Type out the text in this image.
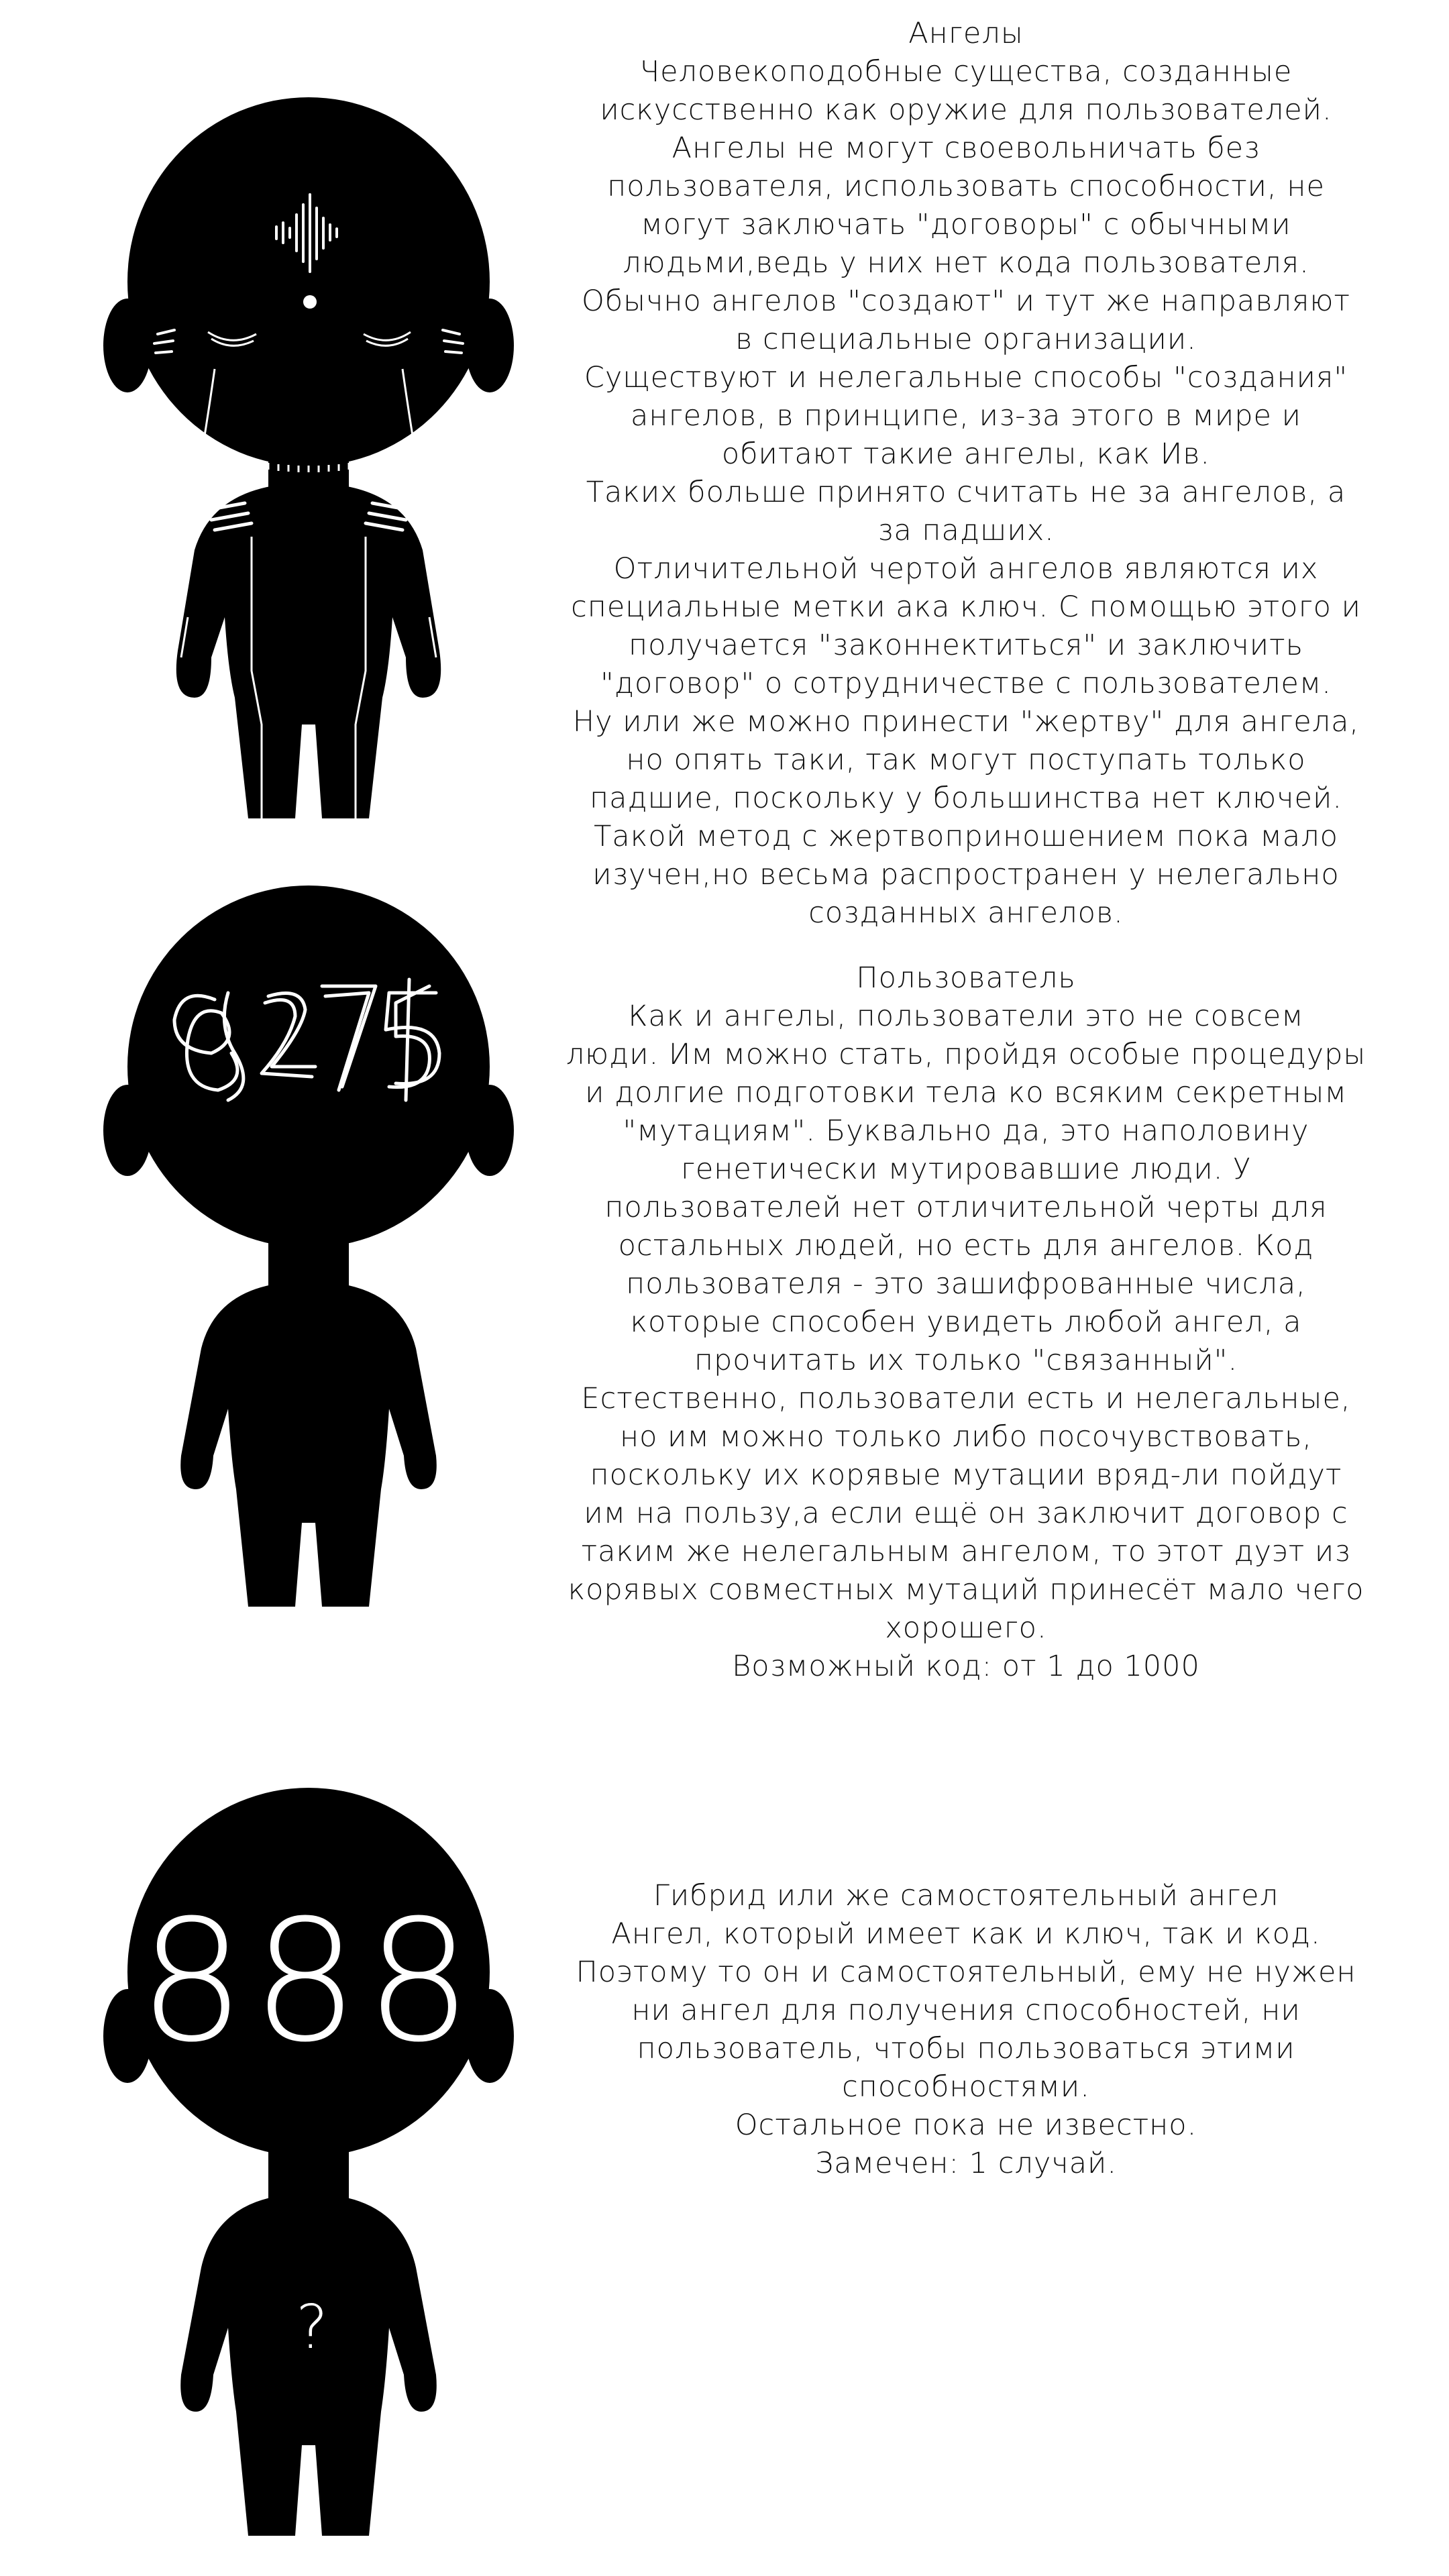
Ангелы

Человекоподобные существа, созданные

искусственно как оружие для пользователей.

Ангелы не могут своевольничать без

пользователя, использовать способности, не

могут заключать "договоры" с обычными

людьми,ведь у них нет кода пользователя.

Обычно ангелов "создают" и тут же направляют

в специальные организации.

Существуют и нелегальные способы "создания"

ангелов, в принципе, из-за этого в мире и

обитают такие ангелы, как Ив.

Таких больше принято считать не за ангелов, а

за падших.

Отличительной чертой ангелов являются их

специальные метки ака ключ. С помощью этого и

получается "законнектиться" и заключить

"договор" о сотрудничестве с пользователем.

Ну или же можно принести "жертву" для ангела,

но опять таки, так могут поступать только

падшие, поскольку у большинства нет ключей.

Такой метод с жертвоприношением пока мало

изучен,но весьма распространен у нелегально

созданных ангелов.

8275

Пользователь

Как и ангелы, пользователи это не совсем

люди. Им можно стать, пройдя особые процедуры

и долгие подготовки тела ко всяким секретным

"мутациям". Буквально да, это наполовину

генетически мутировавшие люди. У

пользователей нет отличительной черты для

остальных людей, но есть для ангелов. Код

пользователя - это зашифрованные числа,

которые способен увидеть любой ангел, а

прочитать их только "связанный".

Естественно, пользователи есть и нелегальные,

но им можно только либо посочувствовать,

поскольку их корявые мутации вряд-ли пойдут

им на пользу,а если ещё он заключит договор с

таким же нелегальным ангелом, то этот дуэт из

корявых совместных мутаций принесёт мало чего

хорошего.

Возможный код: от 1 до 1000

888
?

Гибрид или же самостоятельный ангел

Ангел, который имеет как и ключ, так и код.

Поэтому то он и самостоятельный, ему не нужен

ни ангел для получения способностей, ни

пользователь, чтобы пользоваться этими

способностями.

Остальное пока не известно.

Замечен: 1 случай.
